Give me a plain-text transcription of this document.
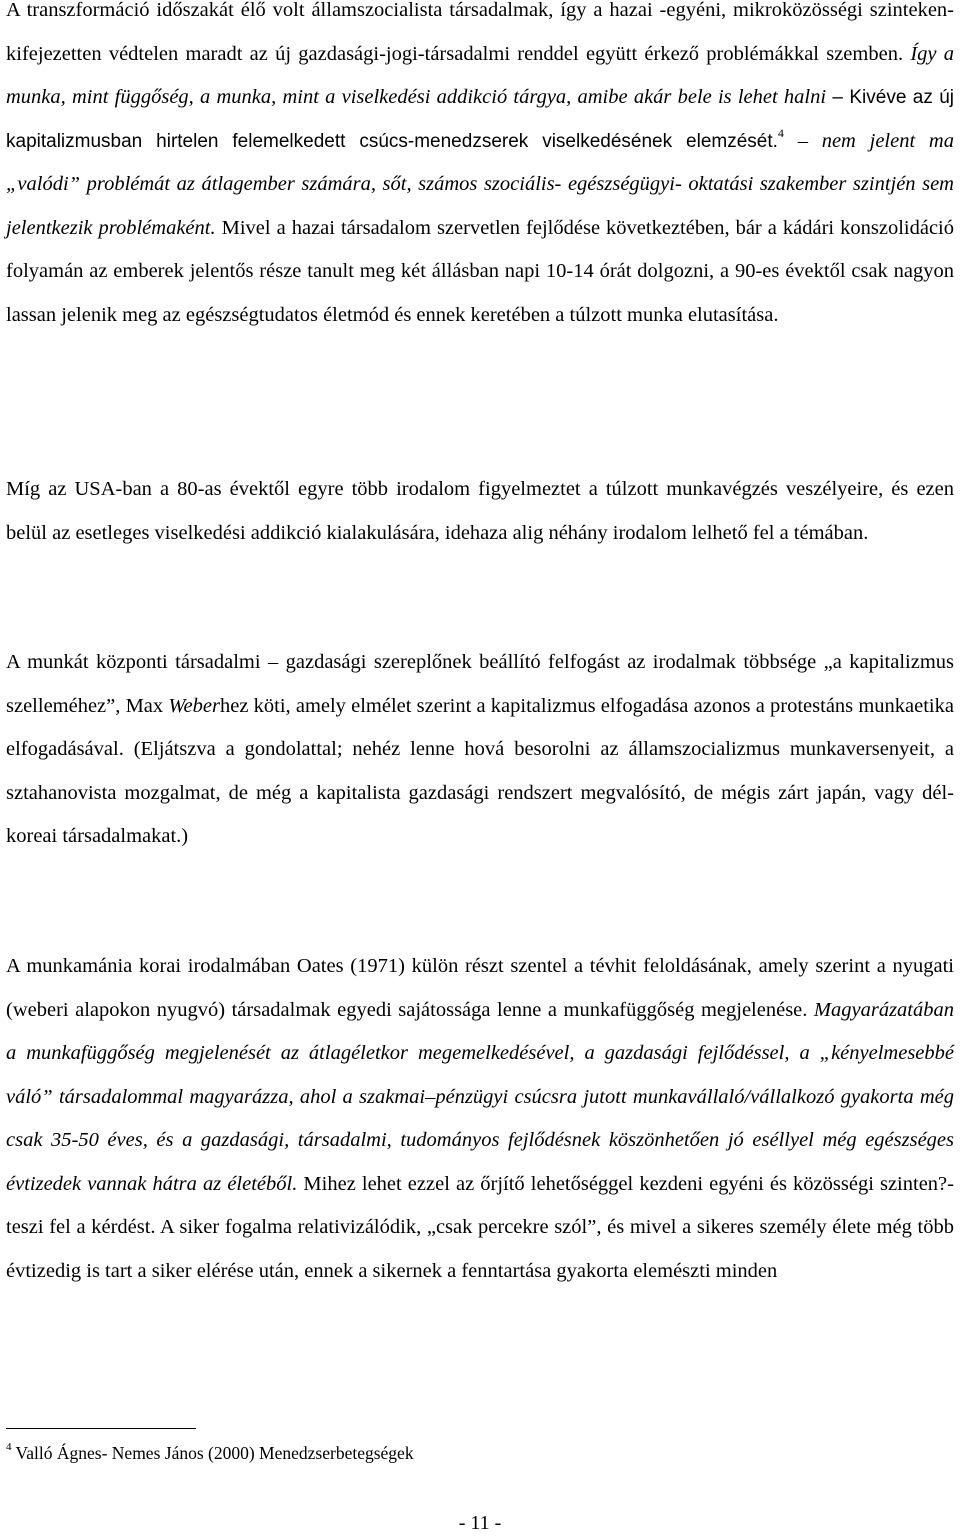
A transzformáció időszakát élő volt államszocialista társadalmak, így a hazai -egyéni, mikroközösségi szinteken- kifejezetten védtelen maradt az új gazdasági-jogi-társadalmi renddel együtt érkező problémákkal szemben. Így a munka, mint függőség, a munka, mint a viselkedési addikció tárgya, amibe akár bele is lehet halni – Kivéve az új kapitalizmusban hirtelen felemelkedett csúcs-menedzserek viselkedésének elemzését.$^4$ – nem jelent ma „valódi” problémát az átlagember számára, sőt, számos szociális- egészségügyi- oktatási szakember szintjén sem jelentkezik problémaként. Mivel a hazai társadalom szervetlen fejlődése következtében, bár a kádári konszolidáció folyamán az emberek jelentős része tanult meg két állásban napi 10-14 órát dolgozni, a 90-es évektől csak nagyon lassan jelenik meg az egészségtudatos életmód és ennek keretében a túlzott munka elutasítása.

Míg az USA-ban a 80-as évektől egyre több irodalom figyelmeztet a túlzott munkavégzés veszélyeire, és ezen belül az esetleges viselkedési addikció kialakulására, idehaza alig néhány irodalom lelhető fel a témában.

A munkát központi társadalmi – gazdasági szereplőnek beállító felfogást az irodalmak többsége „a kapitalizmus szelleméhez”, Max Weberhez köti, amely elmélet szerint a kapitalizmus elfogadása azonos a protestáns munkaetika elfogadásával. (Eljátszva a gondolattal; nehéz lenne hová besorolni az államszocializmus munkaversenyeit, a sztahanovista mozgalmat, de még a kapitalista gazdasági rendszert megvalósító, de mégis zárt japán, vagy dél-koreai társadalmakat.)

A munkamánia korai irodalmában Oates (1971) külön részt szentel a tévhit feloldásának, amely szerint a nyugati (weberi alapokon nyugvó) társadalmak egyedi sajátossága lenne a munkafüggőség megjelenése. Magyarázatában a munkafüggőség megjelenését az átlagéletkor megemelkedésével, a gazdasági fejlődéssel, a „kényelmesebbé váló” társadalommal magyarázza, ahol a szakmai–pénzügyi csúcsra jutott munkavállaló/vállalkozó gyakorta még csak 35-50 éves, és a gazdasági, társadalmi, tudományos fejlődésnek köszönhetően jó eséllyel még egészséges évtizedek vannak hátra az életéből. Mihez lehet ezzel az őrjítő lehetőséggel kezdeni egyéni és közösségi szinten?- teszi fel a kérdést. A siker fogalma relativizálódik, „csak percekre szól”, és mivel a sikeres személy élete még több évtizedig is tart a siker elérése után, ennek a sikernek a fenntartása gyakorta elemészti minden

$^4$ Valló Ágnes- Nemes János (2000) Menedzserbetegségek
- 11 -
